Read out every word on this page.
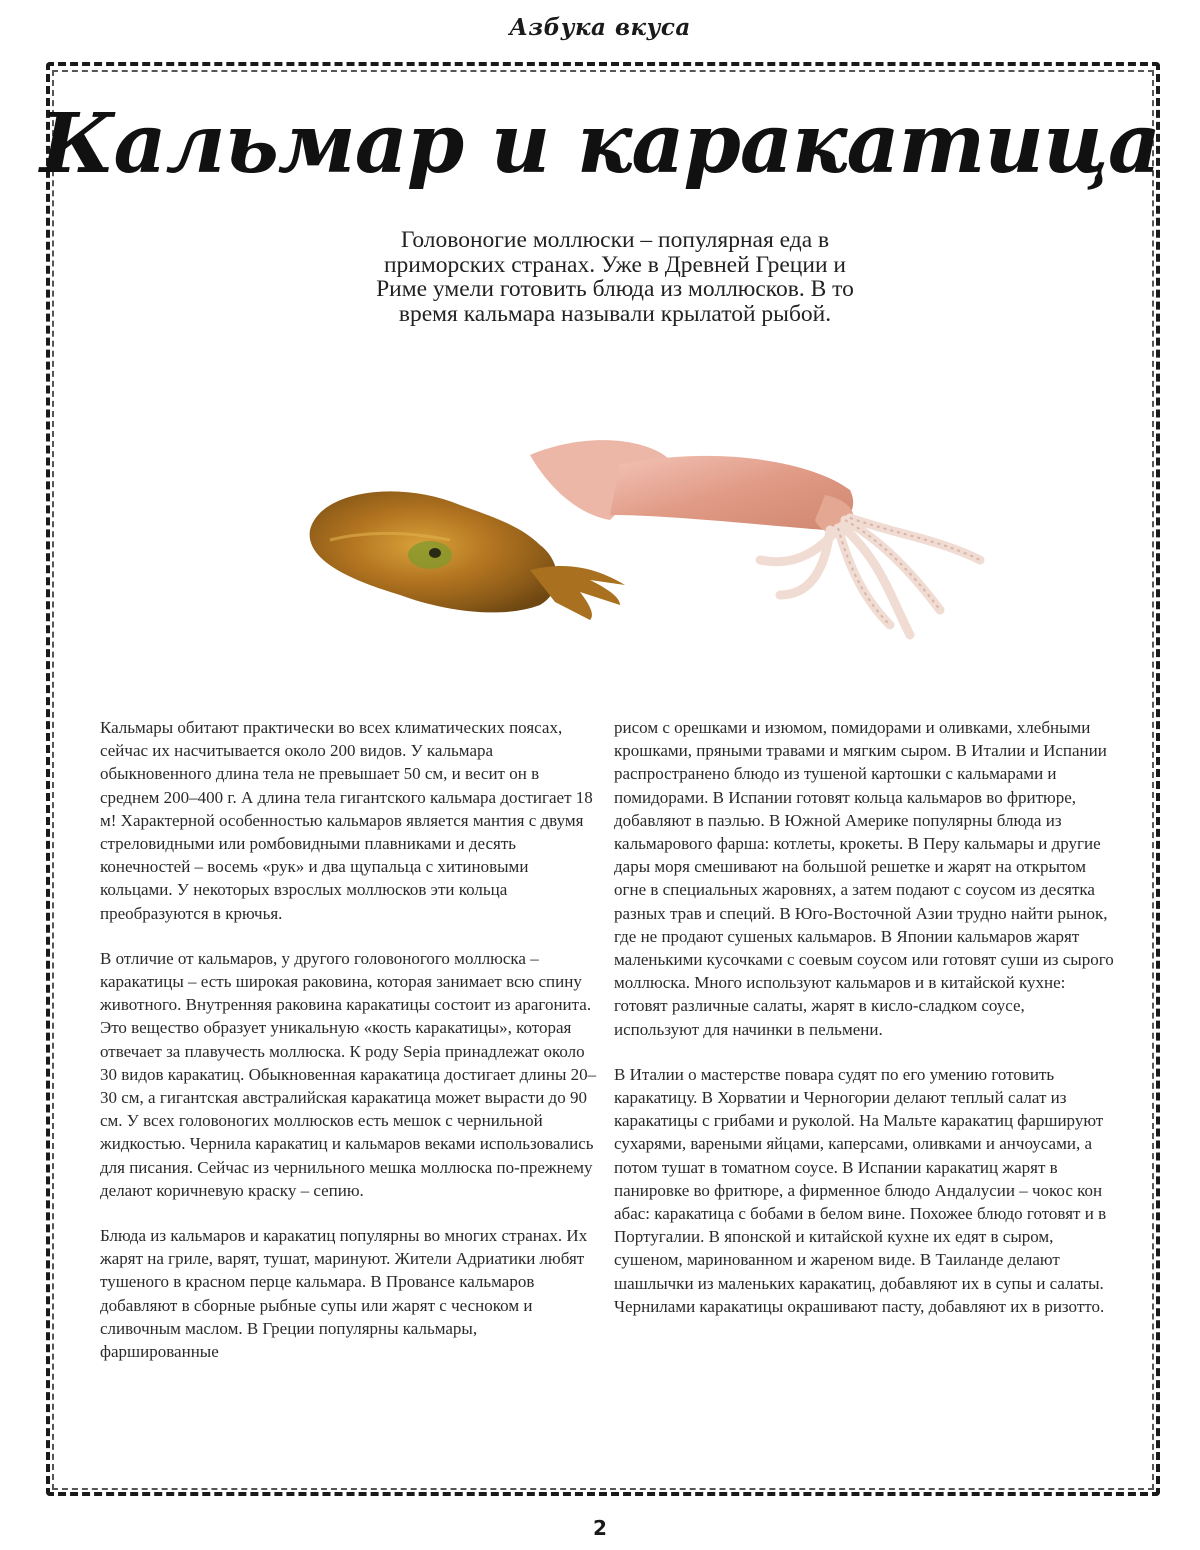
Азбука вкуса
Кальмар и каракатица
Головоногие моллюски – популярная еда в приморских странах. Уже в Древней Греции и Риме умели готовить блюда из моллюсков. В то время кальмара называли крылатой рыбой.

Кальмары обитают практически во всех климатических поясах, сейчас их насчитывается около 200 видов. У кальмара обыкновенного длина тела не превышает 50 см, и весит он в среднем 200–400 г. А длина тела гигантского кальмара достигает 18 м! Характерной особенностью кальмаров является мантия с двумя стреловидными или ромбовидными плавниками и десять конечностей – восемь «рук» и два щупальца с хитиновыми кольцами. У некоторых взрослых моллюсков эти кольца преобразуются в крючья.

В отличие от кальмаров, у другого головоногого моллюска – каракатицы – есть широкая раковина, которая занимает всю спину животного. Внутренняя раковина каракатицы состоит из арагонита. Это вещество образует уникальную «кость каракатицы», которая отвечает за плавучесть моллюска. К роду Sepia принадлежат около 30 видов каракатиц. Обыкновенная каракатица достигает длины 20–30 см, а гигантская австралийская каракатица может вырасти до 90 см. У всех головоногих моллюсков есть мешок с чернильной жидкостью. Чернила каракатиц и кальмаров веками использовались для писания. Сейчас из чернильного мешка моллюска по-прежнему делают коричневую краску – сепию.

Блюда из кальмаров и каракатиц популярны во многих странах. Их жарят на гриле, варят, тушат, маринуют. Жители Адриатики любят тушеного в красном перце кальмара. В Провансе кальмаров добавляют в сборные рыбные супы или жарят с чесноком и сливочным маслом. В Греции популярны кальмары, фаршированные

рисом с орешками и изюмом, помидорами и оливками, хлебными крошками, пряными травами и мягким сыром. В Италии и Испании распространено блюдо из тушеной картошки с кальмарами и помидорами. В Испании готовят кольца кальмаров во фритюре, добавляют в паэлью. В Южной Америке популярны блюда из кальмарового фарша: котлеты, крокеты. В Перу кальмары и другие дары моря смешивают на большой решетке и жарят на открытом огне в специальных жаровнях, а затем подают с соусом из десятка разных трав и специй. В Юго-Восточной Азии трудно найти рынок, где не продают сушеных кальмаров. В Японии кальмаров жарят маленькими кусочками с соевым соусом или готовят суши из сырого моллюска. Много используют кальмаров и в китайской кухне: готовят различные салаты, жарят в кисло-сладком соусе, используют для начинки в пельмени.

В Италии о мастерстве повара судят по его умению готовить каракатицу. В Хорватии и Черногории делают теплый салат из каракатицы с грибами и руколой. На Мальте каракатиц фаршируют сухарями, вареными яйцами, каперсами, оливками и анчоусами, а потом тушат в томатном соусе. В Испании каракатиц жарят в панировке во фритюре, а фирменное блюдо Андалусии – чокос кон абас: каракатица с бобами в белом вине. Похожее блюдо готовят и в Португалии. В японской и китайской кухне их едят в сыром, сушеном, маринованном и жареном виде. В Таиланде делают шашлычки из маленьких каракатиц, добавляют их в супы и салаты. Чернилами каракатицы окрашивают пасту, добавляют их в ризотто.

2
